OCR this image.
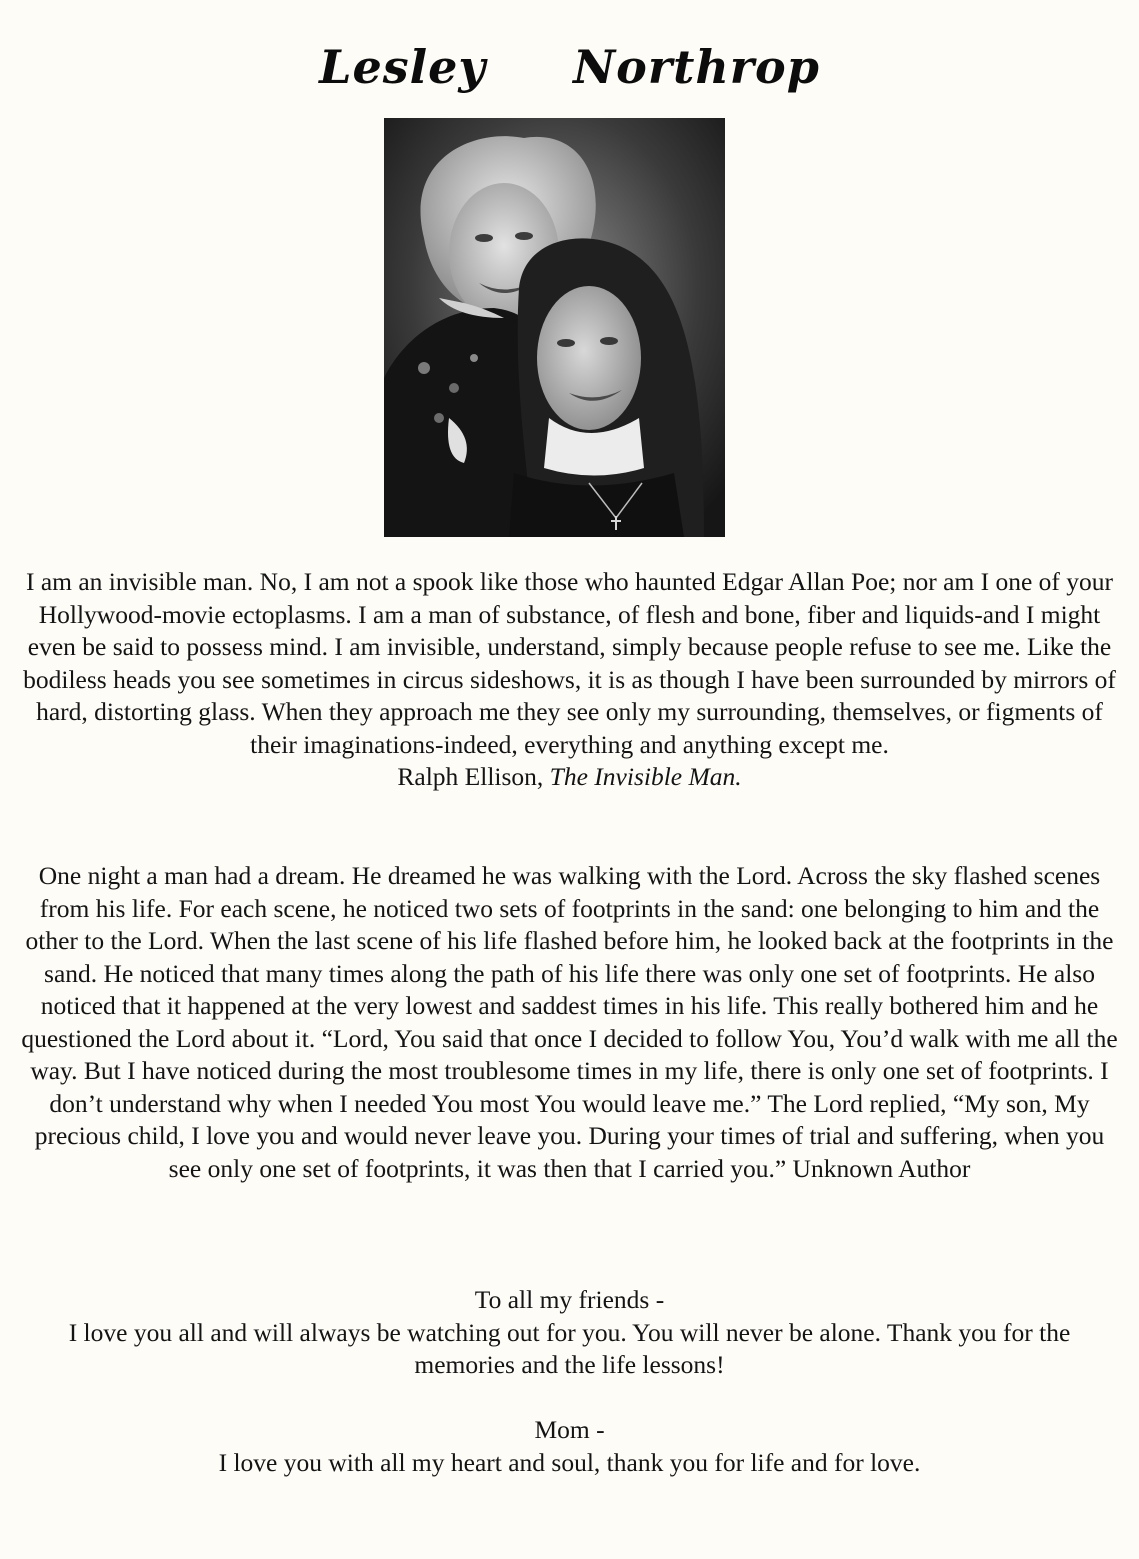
Lesley Northrop

I am an invisible man. No, I am not a spook like those who haunted Edgar Allan Poe; nor am I one of your Hollywood-movie ectoplasms. I am a man of substance, of flesh and bone, fiber and liquids-and I might even be said to possess mind. I am invisible, understand, simply because people refuse to see me. Like the bodiless heads you see sometimes in circus sideshows, it is as though I have been surrounded by mirrors of hard, distorting glass. When they approach me they see only my surrounding, themselves, or figments of their imaginations-indeed, everything and anything except me.

Ralph Ellison, The Invisible Man.

One night a man had a dream. He dreamed he was walking with the Lord. Across the sky flashed scenes from his life. For each scene, he noticed two sets of footprints in the sand: one belonging to him and the other to the Lord. When the last scene of his life flashed before him, he looked back at the footprints in the sand. He noticed that many times along the path of his life there was only one set of footprints. He also noticed that it happened at the very lowest and saddest times in his life. This really bothered him and he questioned the Lord about it. “Lord, You said that once I decided to follow You, You’d walk with me all the way. But I have noticed during the most troublesome times in my life, there is only one set of footprints. I don’t understand why when I needed You most You would leave me.” The Lord replied, “My son, My precious child, I love you and would never leave you. During your times of trial and suffering, when you see only one set of footprints, it was then that I carried you.” Unknown Author

To all my friends -

I love you all and will always be watching out for you. You will never be alone. Thank you for the memories and the life lessons!

Mom -

I love you with all my heart and soul, thank you for life and for love.
